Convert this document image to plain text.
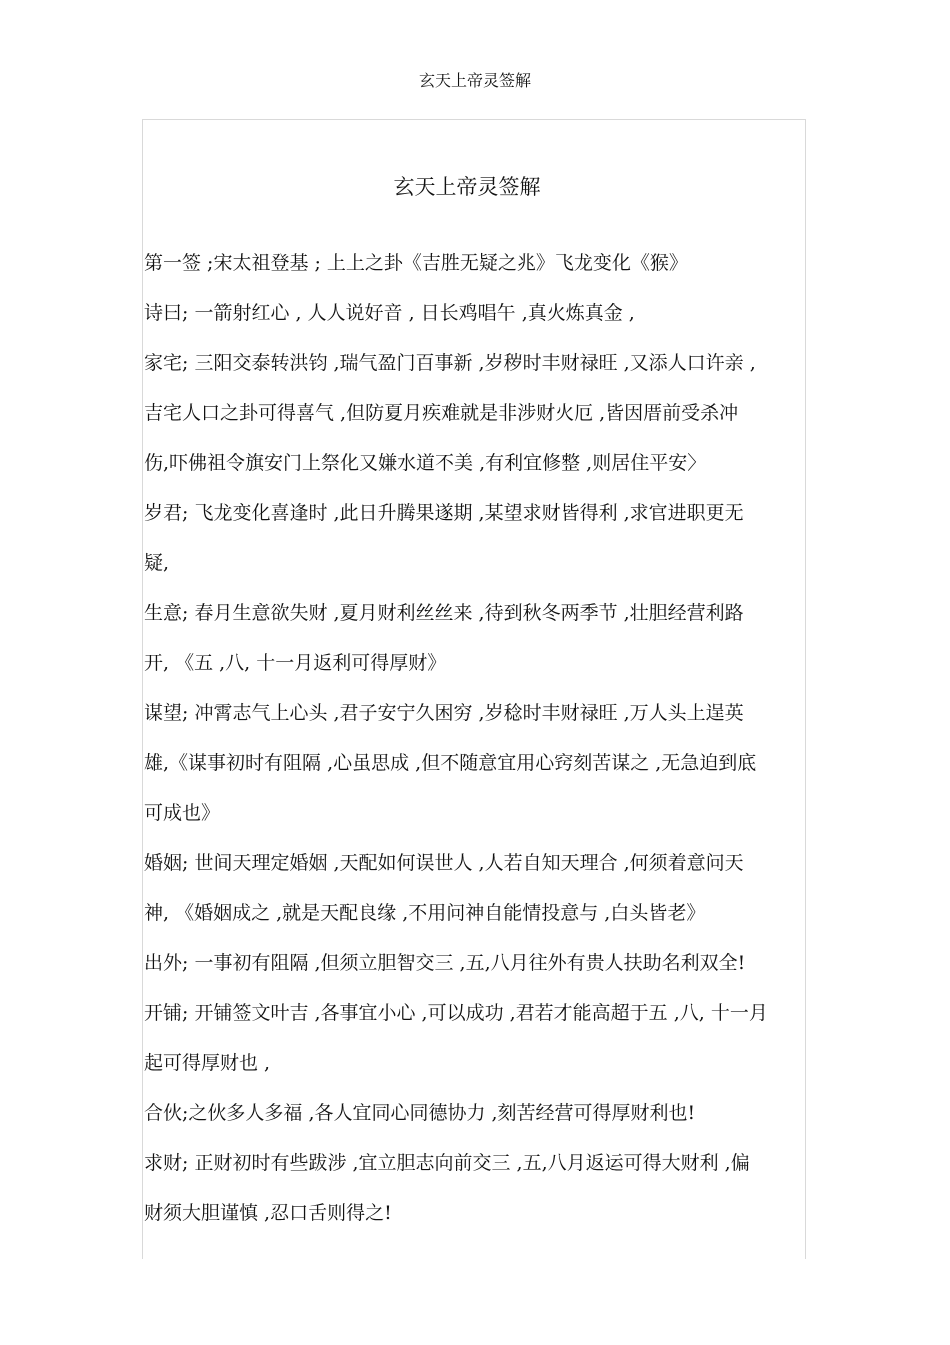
玄天上帝灵签解
玄天上帝灵签解
第一签 ;宋太祖登基 ; 上上之卦《吉胜无疑之兆》飞龙变化《猴》
诗曰; 一箭射红心 , 人人说好音 , 日长鸡唱午 ,真火炼真金 ,
家宅; 三阳交泰转洪钧 ,瑞气盈门百事新 ,岁秽时丰财禄旺 ,又添人口许亲 ,
吉宅人口之卦可得喜气 ,但防夏月疾难就是非涉财火厄 ,皆因厝前受杀冲
伤,吓佛祖令旗安门上祭化又嫌水道不美 ,有利宜修整 ,则居住平安〉
岁君; 飞龙变化喜逢时 ,此日升腾果遂期 ,某望求财皆得利 ,求官进职更无
疑,
生意; 春月生意欲失财 ,夏月财利丝丝来 ,待到秋冬两季节 ,壮胆经营利路
开, 《五 ,八, 十一月返利可得厚财》
谋望; 冲霄志气上心头 ,君子安宁久困穷 ,岁稔时丰财禄旺 ,万人头上逞英
雄,《谋事初时有阻隔 ,心虽思成 ,但不随意宜用心窍刻苦谋之 ,无急迫到底
可成也》
婚姻; 世间天理定婚姻 ,天配如何误世人 ,人若自知天理合 ,何须着意问天
神, 《婚姻成之 ,就是天配良缘 ,不用问神自能情投意与 ,白头皆老》
出外; 一事初有阻隔 ,但须立胆智交三 ,五,八月往外有贵人扶助名利双全!
开铺; 开铺签文叶吉 ,各事宜小心 ,可以成功 ,君若才能高超于五 ,八, 十一月
起可得厚财也 ,
合伙;之伙多人多福 ,各人宜同心同德协力 ,刻苦经营可得厚财利也!
求财; 正财初时有些跋涉 ,宜立胆志向前交三 ,五,八月返运可得大财利 ,偏
财须大胆谨慎 ,忍口舌则得之!
